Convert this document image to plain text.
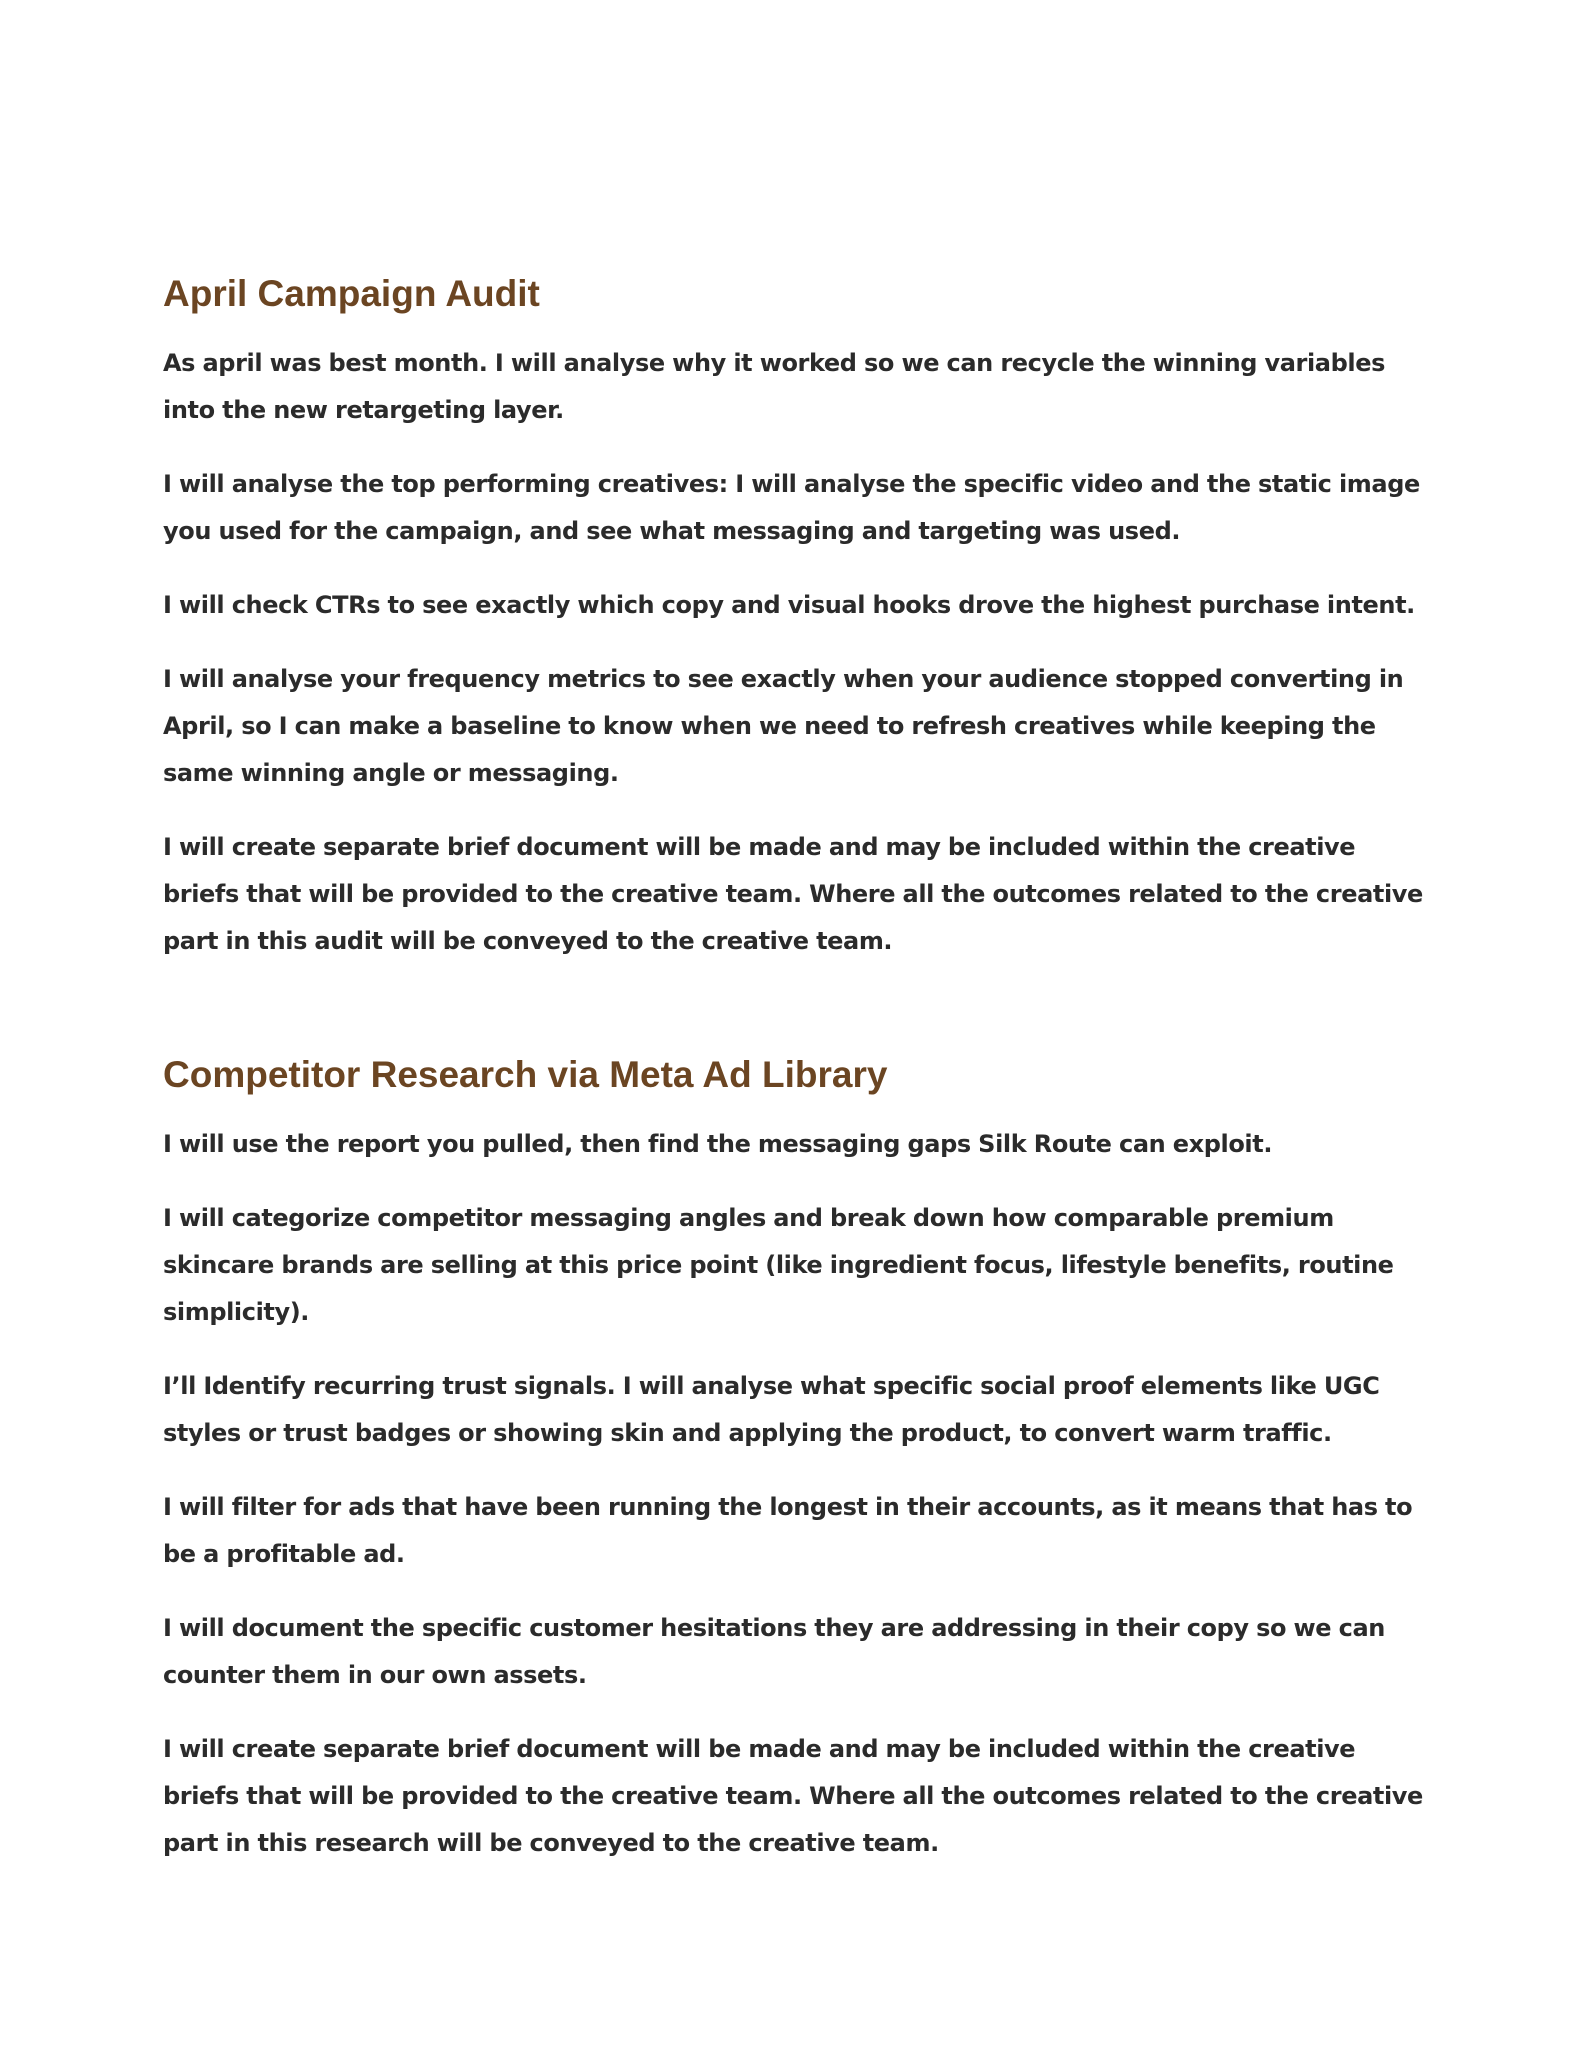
April Campaign Audit

As april was best month. I will analyse why it worked so we can recycle the winning variables into the new retargeting layer.

I will analyse the top performing creatives: I will analyse the specific video and the static image you used for the campaign, and see what messaging and targeting was used.

I will check CTRs to see exactly which copy and visual hooks drove the highest purchase intent.

I will analyse your frequency metrics to see exactly when your audience stopped converting in April, so I can make a baseline to know when we need to refresh creatives while keeping the same winning angle or messaging.

I will create separate brief document will be made and may be included within the creative briefs that will be provided to the creative team. Where all the outcomes related to the creative part in this audit will be conveyed to the creative team.

Competitor Research via Meta Ad Library

I will use the report you pulled, then find the messaging gaps Silk Route can exploit.

I will categorize competitor messaging angles and break down how comparable premium skincare brands are selling at this price point (like ingredient focus, lifestyle benefits, routine simplicity).

I’ll Identify recurring trust signals. I will analyse what specific social proof elements like UGC styles or trust badges or showing skin and applying the product, to convert warm traffic.

I will filter for ads that have been running the longest in their accounts, as it means that has to be a profitable ad.

I will document the specific customer hesitations they are addressing in their copy so we can counter them in our own assets.

I will create separate brief document will be made and may be included within the creative briefs that will be provided to the creative team. Where all the outcomes related to the creative part in this research will be conveyed to the creative team.
